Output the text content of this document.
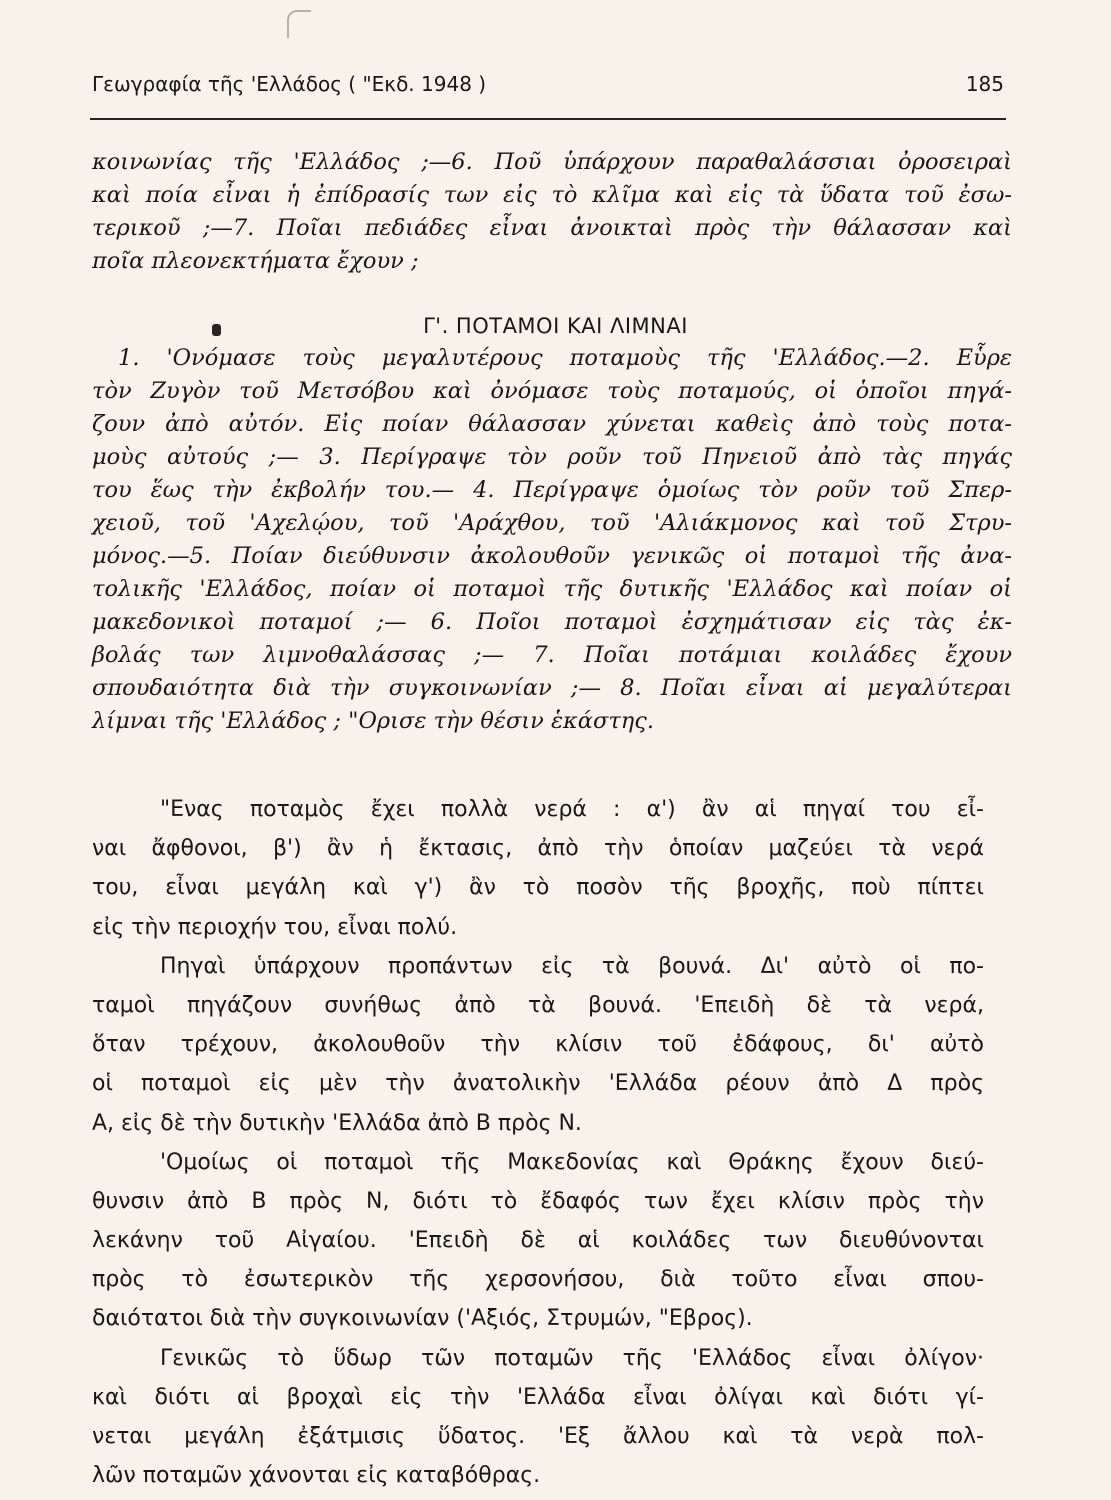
Γεωγραφία τῆς 'Ελλάδος ( "Εκδ. 1948 )	185
κοινωνίας τῆς 'Ελλάδος ;—6. Ποῦ ὑπάρχουν παραθαλάσσιαι ὀροσειραὶ
καὶ ποία εἶναι ἡ ἐπίδρασίς των εἰς τὸ κλῖμα καὶ εἰς τὰ ὕδατα τοῦ ἐσω-
τερικοῦ ;—7. Ποῖαι πεδιάδες εἶναι ἀνοικταὶ πρὸς τὴν θάλασσαν καὶ
ποῖα πλεονεκτήματα ἔχουν ;
Γ'. ΠΟΤΑΜΟΙ ΚΑΙ ΛΙΜΝΑΙ
1. 'Ονόμασε τοὺς μεγαλυτέρους ποταμοὺς τῆς 'Ελλάδος.—2. Εὗρε
τὸν Ζυγὸν τοῦ Μετσόβου καὶ ὀνόμασε τοὺς ποταμούς, οἱ ὁποῖοι πηγά-
ζουν ἀπὸ αὐτόν. Εἰς ποίαν θάλασσαν χύνεται καθεὶς ἀπὸ τοὺς ποτα-
μοὺς αὐτούς ;— 3. Περίγραψε τὸν ροῦν τοῦ Πηνειοῦ ἀπὸ τὰς πηγάς
του ἕως τὴν ἐκβολήν του.— 4. Περίγραψε ὁμοίως τὸν ροῦν τοῦ Σπερ-
χειοῦ, τοῦ 'Αχελῴου, τοῦ 'Αράχθου, τοῦ 'Αλιάκμονος καὶ τοῦ Στρυ-
μόνος.—5. Ποίαν διεύθυνσιν ἀκολουθοῦν γενικῶς οἱ ποταμοὶ τῆς ἀνα-
τολικῆς 'Ελλάδος, ποίαν οἱ ποταμοὶ τῆς δυτικῆς 'Ελλάδος καὶ ποίαν οἱ
μακεδονικοὶ ποταμοί ;— 6. Ποῖοι ποταμοὶ ἐσχημάτισαν εἰς τὰς ἐκ-
βολάς των λιμνοθαλάσσας ;— 7. Ποῖαι ποτάμιαι κοιλάδες ἔχουν
σπουδαιότητα διὰ τὴν συγκοινωνίαν ;— 8. Ποῖαι εἶναι αἱ μεγαλύτεραι
λίμναι τῆς 'Ελλάδος ; "Ορισε τὴν θέσιν ἑκάστης.
"Ενας ποταμὸς ἔχει πολλὰ νερά : α') ἂν αἱ πηγαί του εἶ-
ναι ἄφθονοι, β') ἂν ἡ ἔκτασις, ἀπὸ τὴν ὁποίαν μαζεύει τὰ νερά
του, εἶναι μεγάλη καὶ γ') ἂν τὸ ποσὸν τῆς βροχῆς, ποὺ πίπτει
εἰς τὴν περιοχήν του, εἶναι πολύ.
Πηγαὶ ὑπάρχουν προπάντων εἰς τὰ βουνά. Δι' αὐτὸ οἱ πο-
ταμοὶ πηγάζουν συνήθως ἀπὸ τὰ βουνά. 'Επειδὴ δὲ τὰ νερά,
ὅταν τρέχουν, ἀκολουθοῦν τὴν κλίσιν τοῦ ἐδάφους, δι' αὐτὸ
οἱ ποταμοὶ εἰς μὲν τὴν ἀνατολικὴν 'Ελλάδα ρέουν ἀπὸ Δ πρὸς
Α, εἰς δὲ τὴν δυτικὴν 'Ελλάδα ἀπὸ Β πρὸς Ν.
'Ομοίως οἱ ποταμοὶ τῆς Μακεδονίας καὶ Θράκης ἔχουν διεύ-
θυνσιν ἀπὸ Β πρὸς Ν, διότι τὸ ἔδαφός των ἔχει κλίσιν πρὸς τὴν
λεκάνην τοῦ Αἰγαίου. 'Επειδὴ δὲ αἱ κοιλάδες των διευθύνονται
πρὸς τὸ ἐσωτερικὸν τῆς χερσονήσου, διὰ τοῦτο εἶναι σπου-
δαιότατοι διὰ τὴν συγκοινωνίαν ('Αξιός, Στρυμών, "Εβρος).
Γενικῶς τὸ ὕδωρ τῶν ποταμῶν τῆς 'Ελλάδος εἶναι ὀλίγον·
καὶ διότι αἱ βροχαὶ εἰς τὴν 'Ελλάδα εἶναι ὀλίγαι καὶ διότι γί-
νεται μεγάλη ἐξάτμισις ὕδατος. 'Εξ ἄλλου καὶ τὰ νερὰ πολ-
λῶν ποταμῶν χάνονται εἰς καταβόθρας.
